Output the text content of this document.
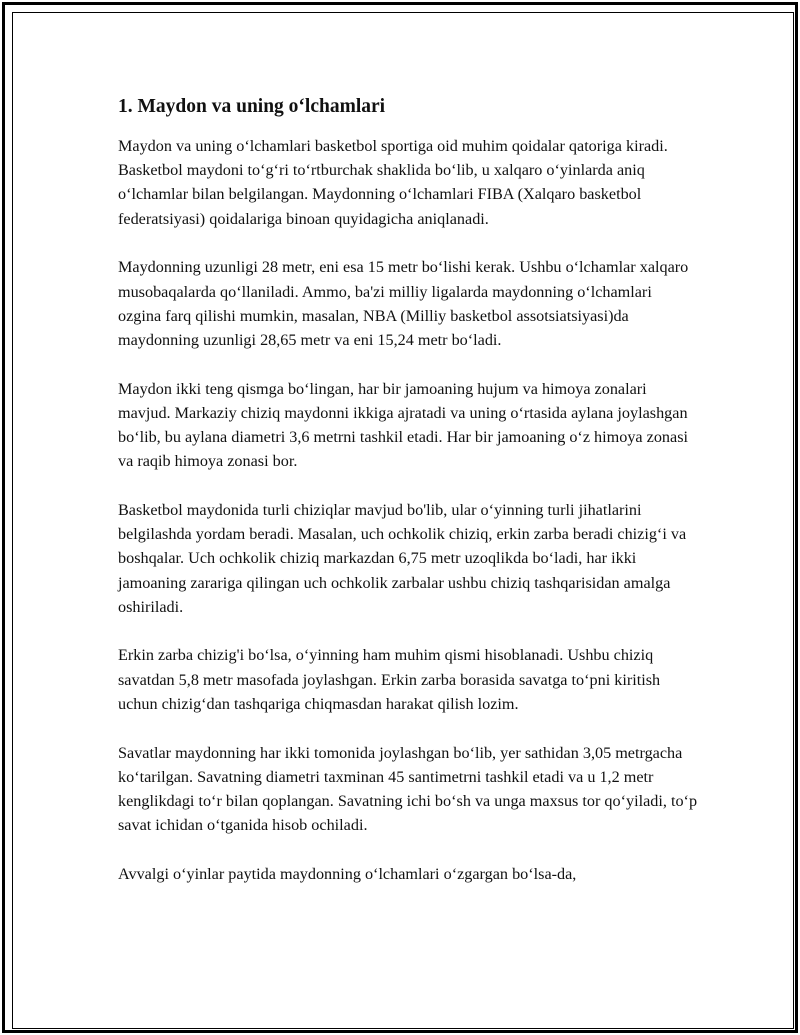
1. Maydon va uning o‘lchamlari

Maydon va uning o‘lchamlari basketbol sportiga oid muhim qoidalar qatoriga kiradi. Basketbol maydoni to‘g‘ri to‘rtburchak shaklida bo‘lib, u xalqaro o‘yinlarda aniq o‘lchamlar bilan belgilangan. Maydonning o‘lchamlari FIBA (Xalqaro basketbol federatsiyasi) qoidalariga binoan quyidagicha aniqlanadi.

Maydonning uzunligi 28 metr, eni esa 15 metr bo‘lishi kerak. Ushbu o‘lchamlar xalqaro musobaqalarda qo‘llaniladi. Ammo, ba'zi milliy ligalarda maydonning o‘lchamlari ozgina farq qilishi mumkin, masalan, NBA (Milliy basketbol assotsiatsiyasi)da maydonning uzunligi 28,65 metr va eni 15,24 metr bo‘ladi.

Maydon ikki teng qismga bo‘lingan, har bir jamoaning hujum va himoya zonalari mavjud. Markaziy chiziq maydonni ikkiga ajratadi va uning o‘rtasida aylana joylashgan bo‘lib, bu aylana diametri 3,6 metrni tashkil etadi. Har bir jamoaning o‘z himoya zonasi va raqib himoya zonasi bor.

Basketbol maydonida turli chiziqlar mavjud bo'lib, ular o‘yinning turli jihatlarini belgilashda yordam beradi. Masalan, uch ochkolik chiziq, erkin zarba beradi chizig‘i va boshqalar. Uch ochkolik chiziq markazdan 6,75 metr uzoqlikda bo‘ladi, har ikki jamoaning zarariga qilingan uch ochkolik zarbalar ushbu chiziq tashqarisidan amalga oshiriladi.

Erkin zarba chizig'i bo‘lsa, o‘yinning ham muhim qismi hisoblanadi. Ushbu chiziq savatdan 5,8 metr masofada joylashgan. Erkin zarba borasida savatga to‘pni kiritish uchun chizig‘dan tashqariga chiqmasdan harakat qilish lozim.

Savatlar maydonning har ikki tomonida joylashgan bo‘lib, yer sathidan 3,05 metrgacha ko‘tarilgan. Savatning diametri taxminan 45 santimetrni tashkil etadi va u 1,2 metr kenglikdagi to‘r bilan qoplangan. Savatning ichi bo‘sh va unga maxsus tor qo‘yiladi, to‘p savat ichidan o‘tganida hisob ochiladi.

Avvalgi o‘yinlar paytida maydonning o‘lchamlari o‘zgargan bo‘lsa-da,
